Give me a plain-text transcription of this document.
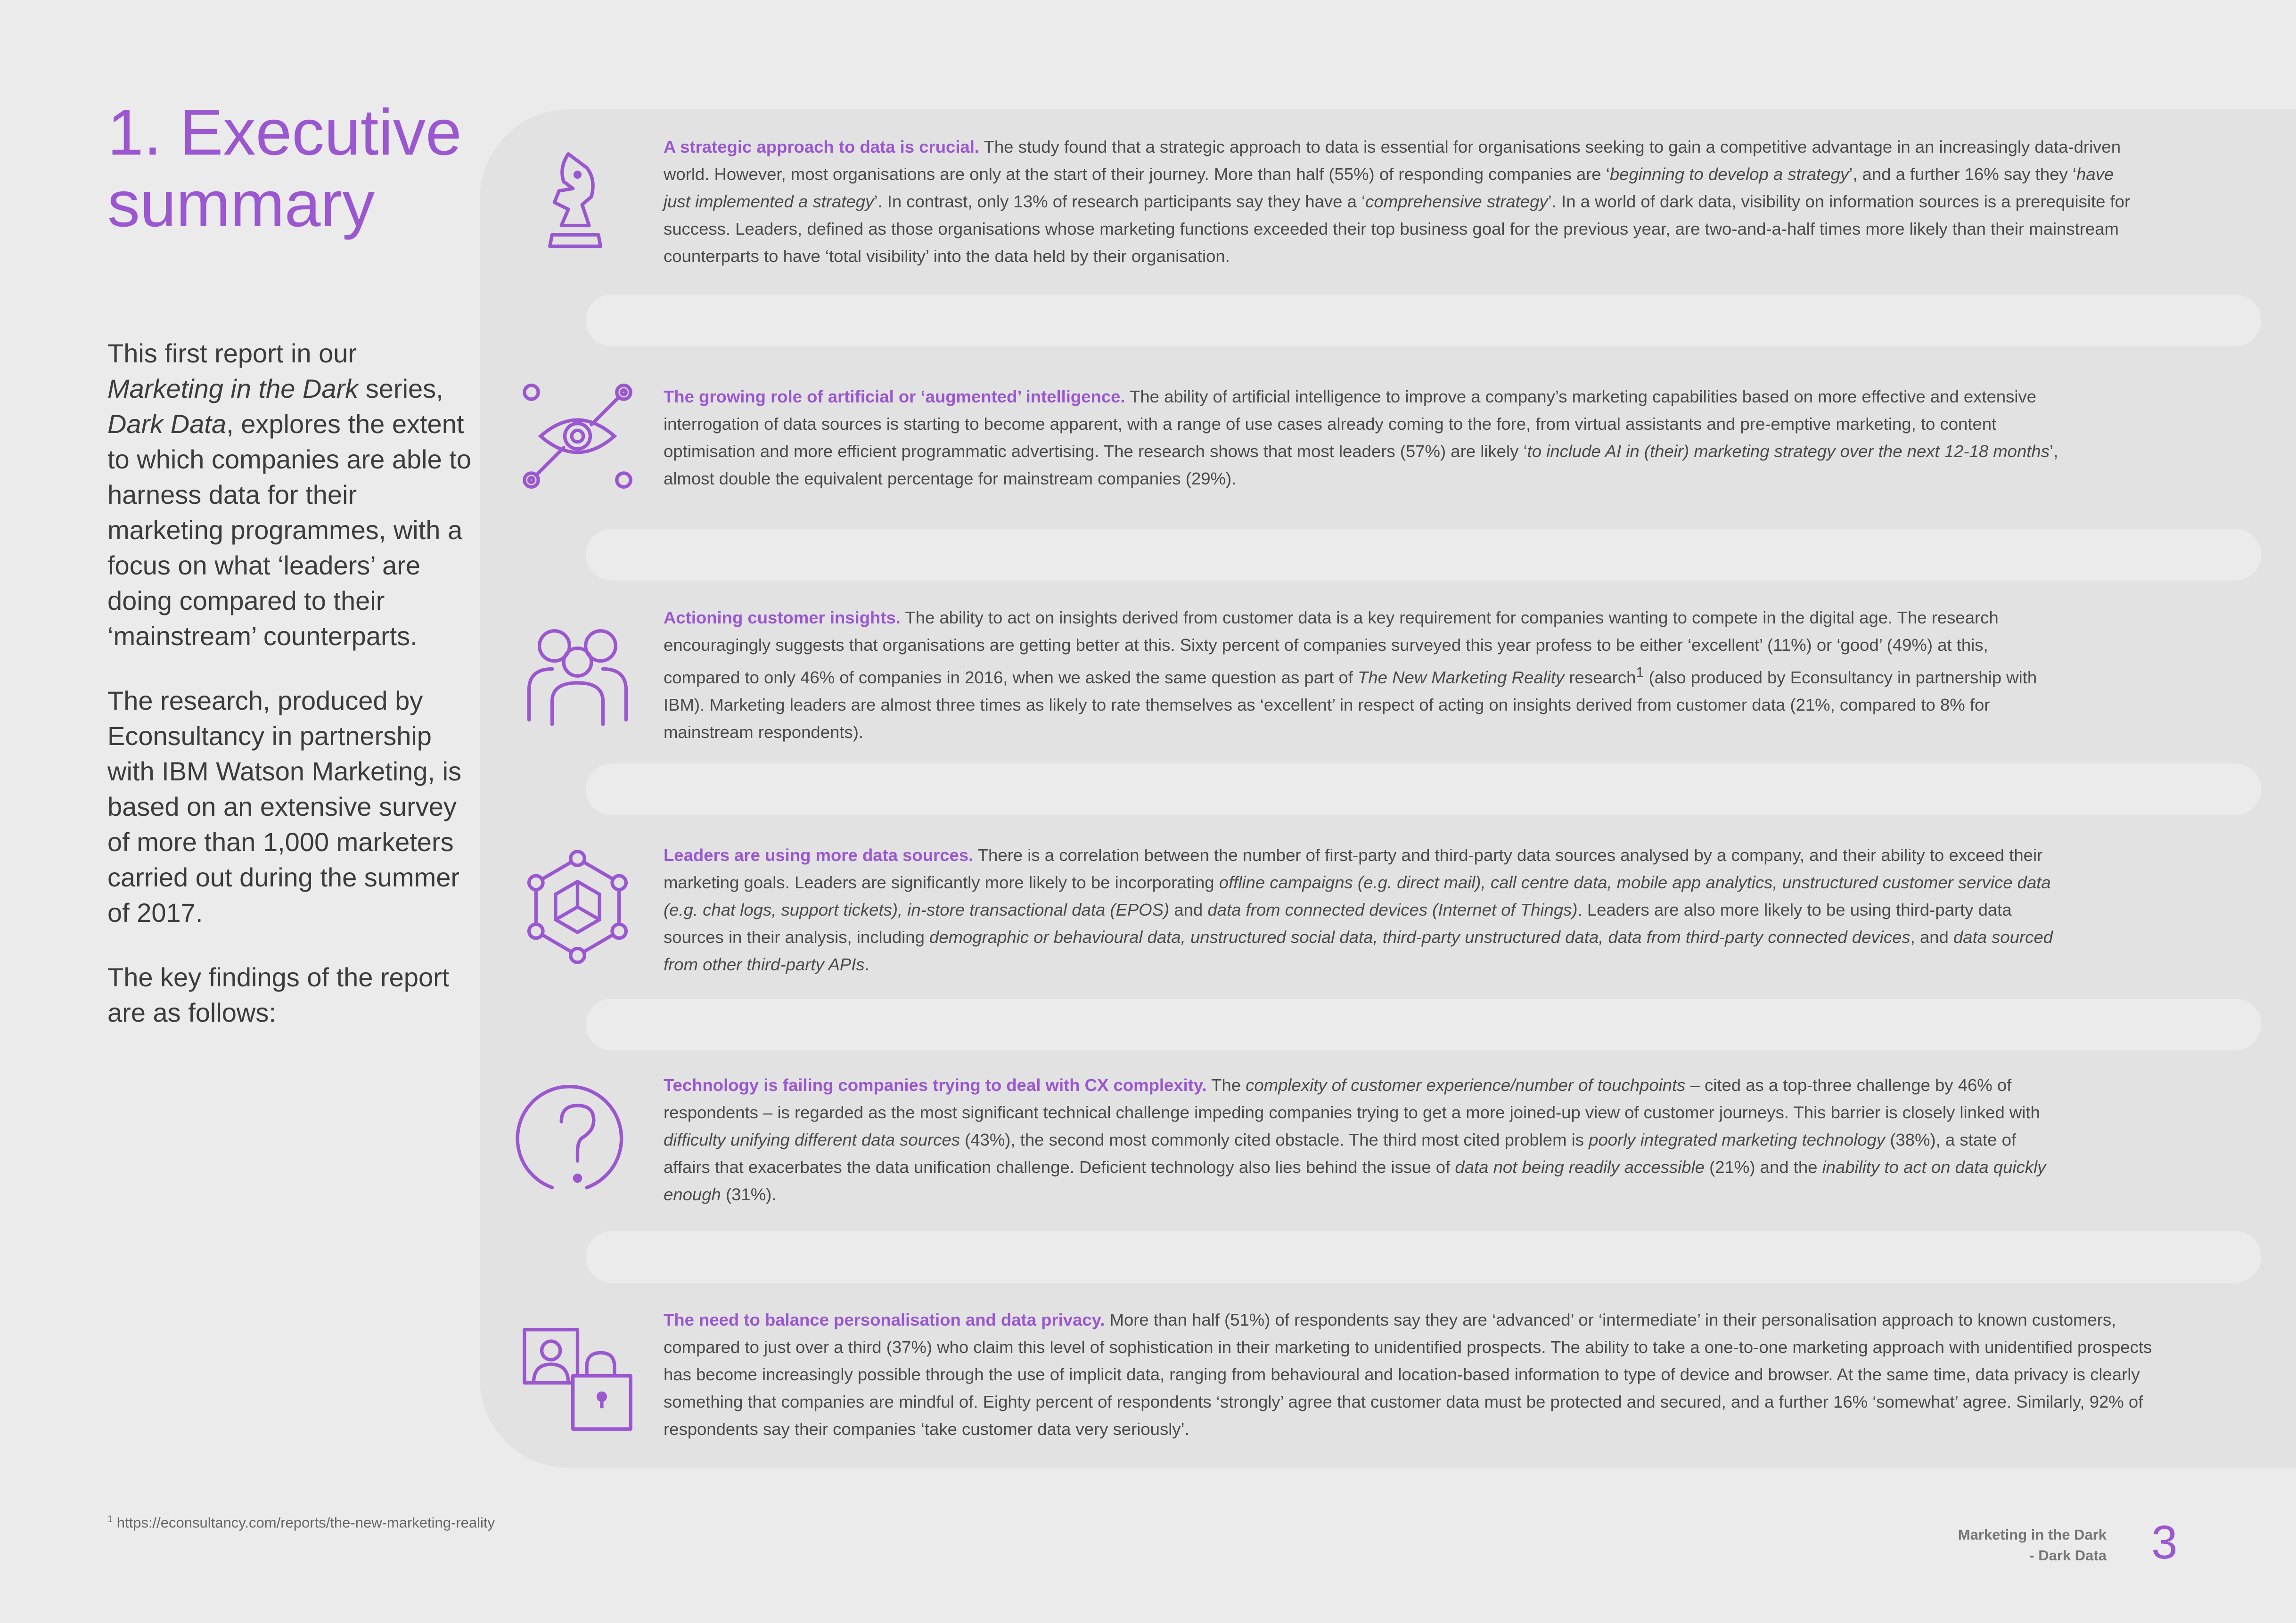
1. Executive summary

This first report in our Marketing in the Dark series, Dark Data, explores the extent to which companies are able to harness data for their marketing programmes, with a focus on what ‘leaders’ are doing compared to their ‘mainstream’ counterparts.

The research, produced by Econsultancy in partnership with IBM Watson Marketing, is based on an extensive survey of more than 1,000 marketers carried out during the summer of 2017.

The key findings of the report are as follows:

A strategic approach to data is crucial. The study found that a strategic approach to data is essential for organisations seeking to gain a competitive advantage in an increasingly data-driven world. However, most organisations are only at the start of their journey. More than half (55%) of responding companies are ‘beginning to develop a strategy’, and a further 16% say they ‘have just implemented a strategy’. In contrast, only 13% of research participants say they have a ‘comprehensive strategy’. In a world of dark data, visibility on information sources is a prerequisite for success. Leaders, defined as those organisations whose marketing functions exceeded their top business goal for the previous year, are two-and-a-half times more likely than their mainstream counterparts to have ‘total visibility’ into the data held by their organisation.
The growing role of artificial or ‘augmented’ intelligence. The ability of artificial intelligence to improve a company’s marketing capabilities based on more effective and extensive interrogation of data sources is starting to become apparent, with a range of use cases already coming to the fore, from virtual assistants and pre-emptive marketing, to content optimisation and more efficient programmatic advertising. The research shows that most leaders (57%) are likely ‘to include AI in (their) marketing strategy over the next 12-18 months’, almost double the equivalent percentage for mainstream companies (29%).
Actioning customer insights. The ability to act on insights derived from customer data is a key requirement for companies wanting to compete in the digital age. The research encouragingly suggests that organisations are getting better at this. Sixty percent of companies surveyed this year profess to be either ‘excellent’ (11%) or ‘good’ (49%) at this, compared to only 46% of companies in 2016, when we asked the same question as part of The New Marketing Reality research$^1$ (also produced by Econsultancy in partnership with IBM). Marketing leaders are almost three times as likely to rate themselves as ‘excellent’ in respect of acting on insights derived from customer data (21%, compared to 8% for mainstream respondents).
Leaders are using more data sources. There is a correlation between the number of first-party and third-party data sources analysed by a company, and their ability to exceed their marketing goals. Leaders are significantly more likely to be incorporating offline campaigns (e.g. direct mail), call centre data, mobile app analytics, unstructured customer service data (e.g. chat logs, support tickets), in-store transactional data (EPOS) and data from connected devices (Internet of Things). Leaders are also more likely to be using third-party data sources in their analysis, including demographic or behavioural data, unstructured social data, third-party unstructured data, data from third-party connected devices, and data sourced from other third-party APIs.
Technology is failing companies trying to deal with CX complexity. The complexity of customer experience/number of touchpoints – cited as a top-three challenge by 46% of respondents – is regarded as the most significant technical challenge impeding companies trying to get a more joined-up view of customer journeys. This barrier is closely linked with difficulty unifying different data sources (43%), the second most commonly cited obstacle. The third most cited problem is poorly integrated marketing technology (38%), a state of affairs that exacerbates the data unification challenge. Deficient technology also lies behind the issue of data not being readily accessible (21%) and the inability to act on data quickly enough (31%).
The need to balance personalisation and data privacy. More than half (51%) of respondents say they are ‘advanced’ or ‘intermediate’ in their personalisation approach to known customers, compared to just over a third (37%) who claim this level of sophistication in their marketing to unidentified prospects. The ability to take a one-to-one marketing approach with unidentified prospects has become increasingly possible through the use of implicit data, ranging from behavioural and location-based information to type of device and browser. At the same time, data privacy is clearly something that companies are mindful of. Eighty percent of respondents ‘strongly’ agree that customer data must be protected and secured, and a further 16% ‘somewhat’ agree. Similarly, 92% of respondents say their companies ‘take customer data very seriously’.
$^1$ https://econsultancy.com/reports/the-new-marketing-reality
Marketing in the Dark
- Dark Data 3
